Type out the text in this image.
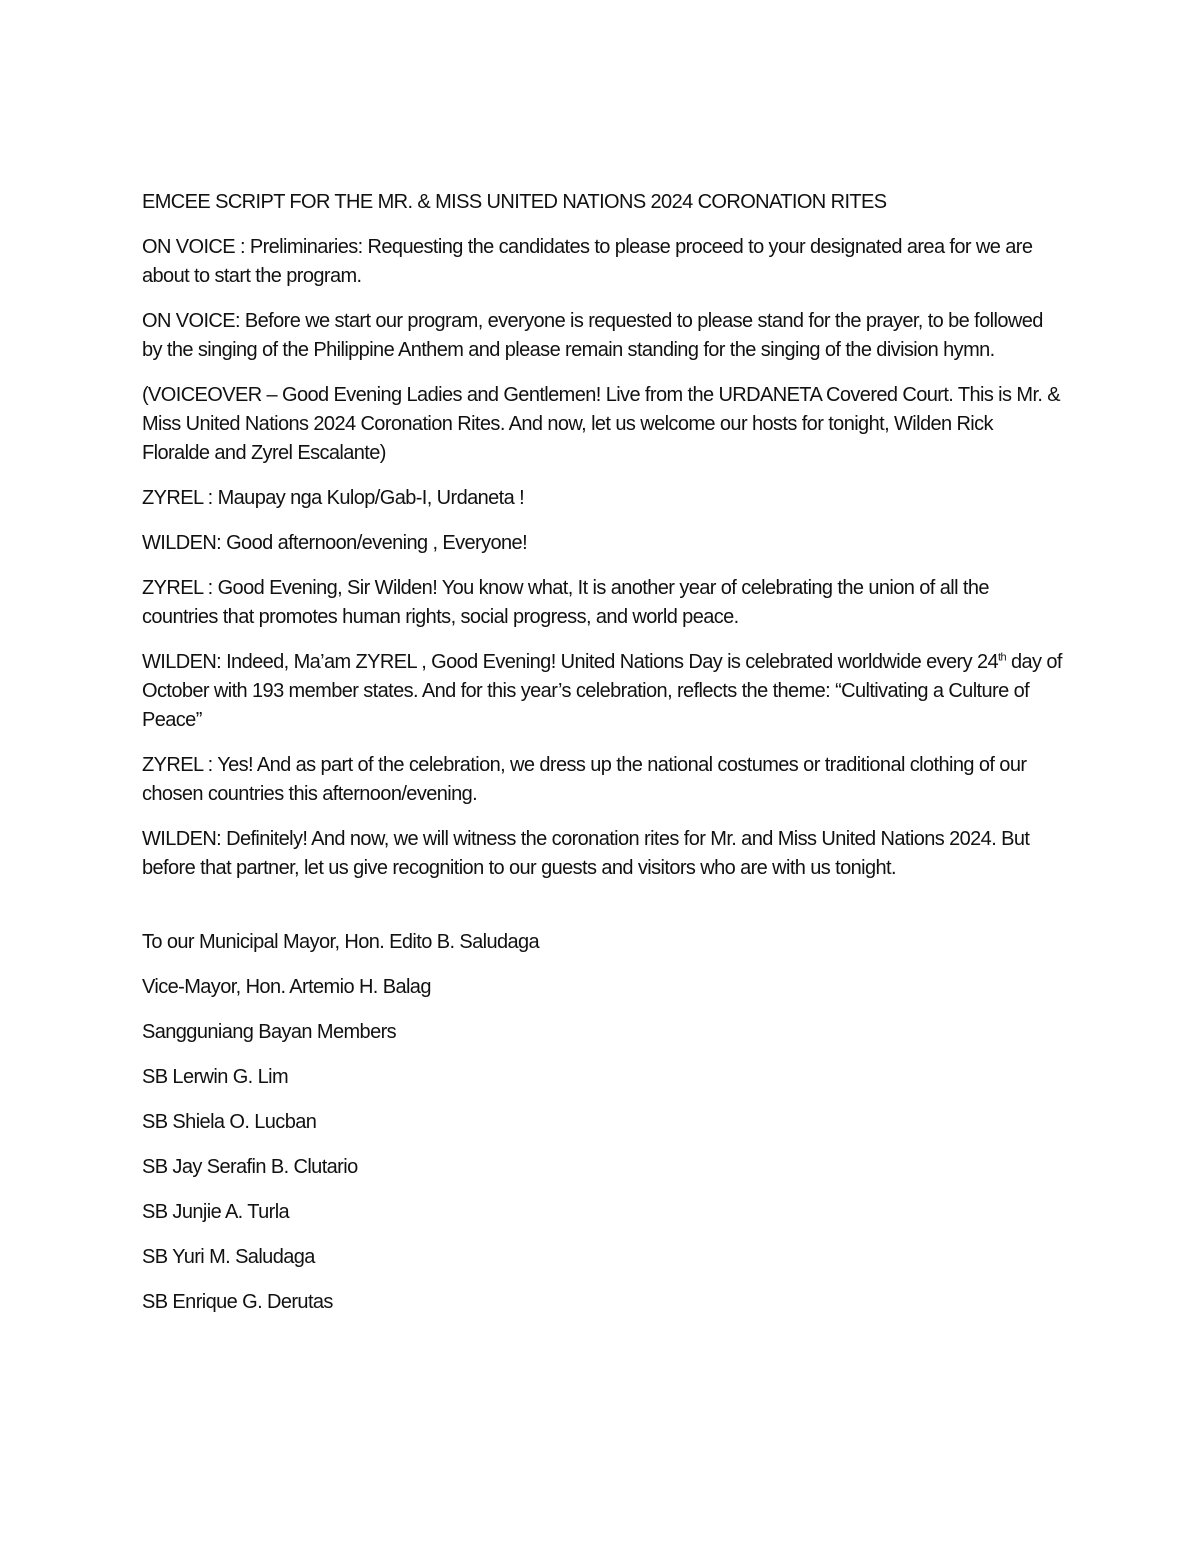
EMCEE SCRIPT FOR THE MR. & MISS UNITED NATIONS 2024 CORONATION RITES

ON VOICE : Preliminaries: Requesting the candidates to please proceed to your designated area for we are about to start the program.

ON VOICE: Before we start our program, everyone is requested to please stand for the prayer, to be followed by the singing of the Philippine Anthem and please remain standing for the singing of the division hymn.

(VOICEOVER – Good Evening Ladies and Gentlemen! Live from the URDANETA Covered Court. This is Mr. & Miss United Nations 2024 Coronation Rites. And now, let us welcome our hosts for tonight, Wilden Rick Floralde and Zyrel Escalante)

ZYREL : Maupay nga Kulop/Gab-I, Urdaneta !

WILDEN: Good afternoon/evening , Everyone!

ZYREL : Good Evening, Sir Wilden! You know what, It is another year of celebrating the union of all the countries that promotes human rights, social progress, and world peace.

WILDEN: Indeed, Ma’am ZYREL , Good Evening! United Nations Day is celebrated worldwide every 24th day of October with 193 member states. And for this year’s celebration, reflects the theme: “Cultivating a Culture of Peace”

ZYREL : Yes! And as part of the celebration, we dress up the national costumes or traditional clothing of our chosen countries this afternoon/evening.

WILDEN: Definitely! And now, we will witness the coronation rites for Mr. and Miss United Nations 2024. But before that partner, let us give recognition to our guests and visitors who are with us tonight.

To our Municipal Mayor, Hon. Edito B. Saludaga

Vice-Mayor, Hon. Artemio H. Balag

Sangguniang Bayan Members

SB Lerwin G. Lim

SB Shiela O. Lucban

SB Jay Serafin B. Clutario

SB Junjie A. Turla

SB Yuri M. Saludaga

SB Enrique G. Derutas
